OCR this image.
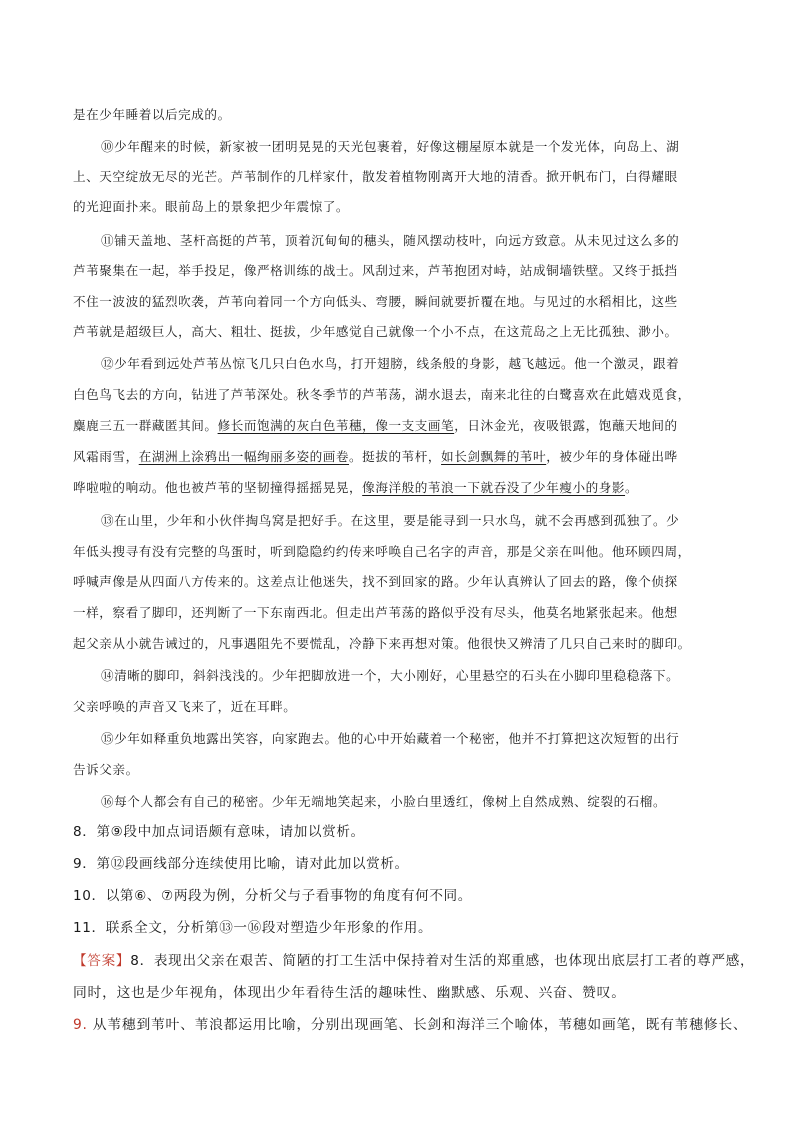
是在少年睡着以后完成的。
⑩少年醒来的时候，新家被一团明晃晃的天光包裹着，好像这棚屋原本就是一个发光体，向岛上、湖
上、天空绽放无尽的光芒。芦苇制作的几样家什，散发着植物刚离开大地的清香。掀开帆布门，白得耀眼
的光迎面扑来。眼前岛上的景象把少年震惊了。
⑪铺天盖地、茎杆高挺的芦苇，顶着沉甸甸的穗头，随风摆动枝叶，向远方致意。从未见过这么多的
芦苇聚集在一起，举手投足，像严格训练的战士。风刮过来，芦苇抱团对峙，站成铜墙铁壁。又终于抵挡
不住一波波的猛烈吹袭，芦苇向着同一个方向低头、弯腰，瞬间就要折覆在地。与见过的水稻相比，这些
芦苇就是超级巨人，高大、粗壮、挺拔，少年感觉自己就像一个小不点，在这荒岛之上无比孤独、渺小。
⑫少年看到远处芦苇丛惊飞几只白色水鸟，打开翅膀，线条般的身影，越飞越远。他一个激灵，跟着
白色鸟飞去的方向，钻进了芦苇深处。秋冬季节的芦苇荡，湖水退去，南来北往的白鹭喜欢在此嬉戏觅食，
麋鹿三五一群藏匿其间。修长而饱满的灰白色苇穗，像一支支画笔，日沐金光，夜吸银露，饱蘸天地间的
风霜雨雪，在湖洲上涂鸦出一幅绚丽多姿的画卷。挺拔的苇杆，如长剑飘舞的苇叶，被少年的身体碰出哗
哗啦啦的响动。他也被芦苇的坚韧撞得摇摇晃晃，像海洋般的苇浪一下就吞没了少年瘦小的身影。
⑬在山里，少年和小伙伴掏鸟窝是把好手。在这里，要是能寻到一只水鸟，就不会再感到孤独了。少
年低头搜寻有没有完整的鸟蛋时，听到隐隐约约传来呼唤自己名字的声音，那是父亲在叫他。他环顾四周，
呼喊声像是从四面八方传来的。这差点让他迷失，找不到回家的路。少年认真辨认了回去的路，像个侦探
一样，察看了脚印，还判断了一下东南西北。但走出芦苇荡的路似乎没有尽头，他莫名地紧张起来。他想
起父亲从小就告诫过的，凡事遇阻先不要慌乱，冷静下来再想对策。他很快又辨清了几只自己来时的脚印。
⑭清晰的脚印，斜斜浅浅的。少年把脚放进一个，大小刚好，心里悬空的石头在小脚印里稳稳落下。
父亲呼唤的声音又飞来了，近在耳畔。
⑮少年如释重负地露出笑容，向家跑去。他的心中开始藏着一个秘密，他并不打算把这次短暂的出行
告诉父亲。
⑯每个人都会有自己的秘密。少年无端地笑起来，小脸白里透红，像树上自然成熟、绽裂的石榴。
8．第⑨段中加点词语颇有意味，请加以赏析。
9．第⑫段画线部分连续使用比喻，请对此加以赏析。
10．以第⑥、⑦两段为例，分析父与子看事物的角度有何不同。
11．联系全文，分析第⑬一⑯段对塑造少年形象的作用。
【答案】8．表现出父亲在艰苦、简陋的打工生活中保持着对生活的郑重感，也体现出底层打工者的尊严感，
同时，这也是少年视角，体现出少年看待生活的趣味性、幽默感、乐观、兴奋、赞叹。
9. 从苇穗到苇叶、苇浪都运用比喻，分别出现画笔、长剑和海洋三个喻体，苇穗如画笔，既有苇穗修长、
